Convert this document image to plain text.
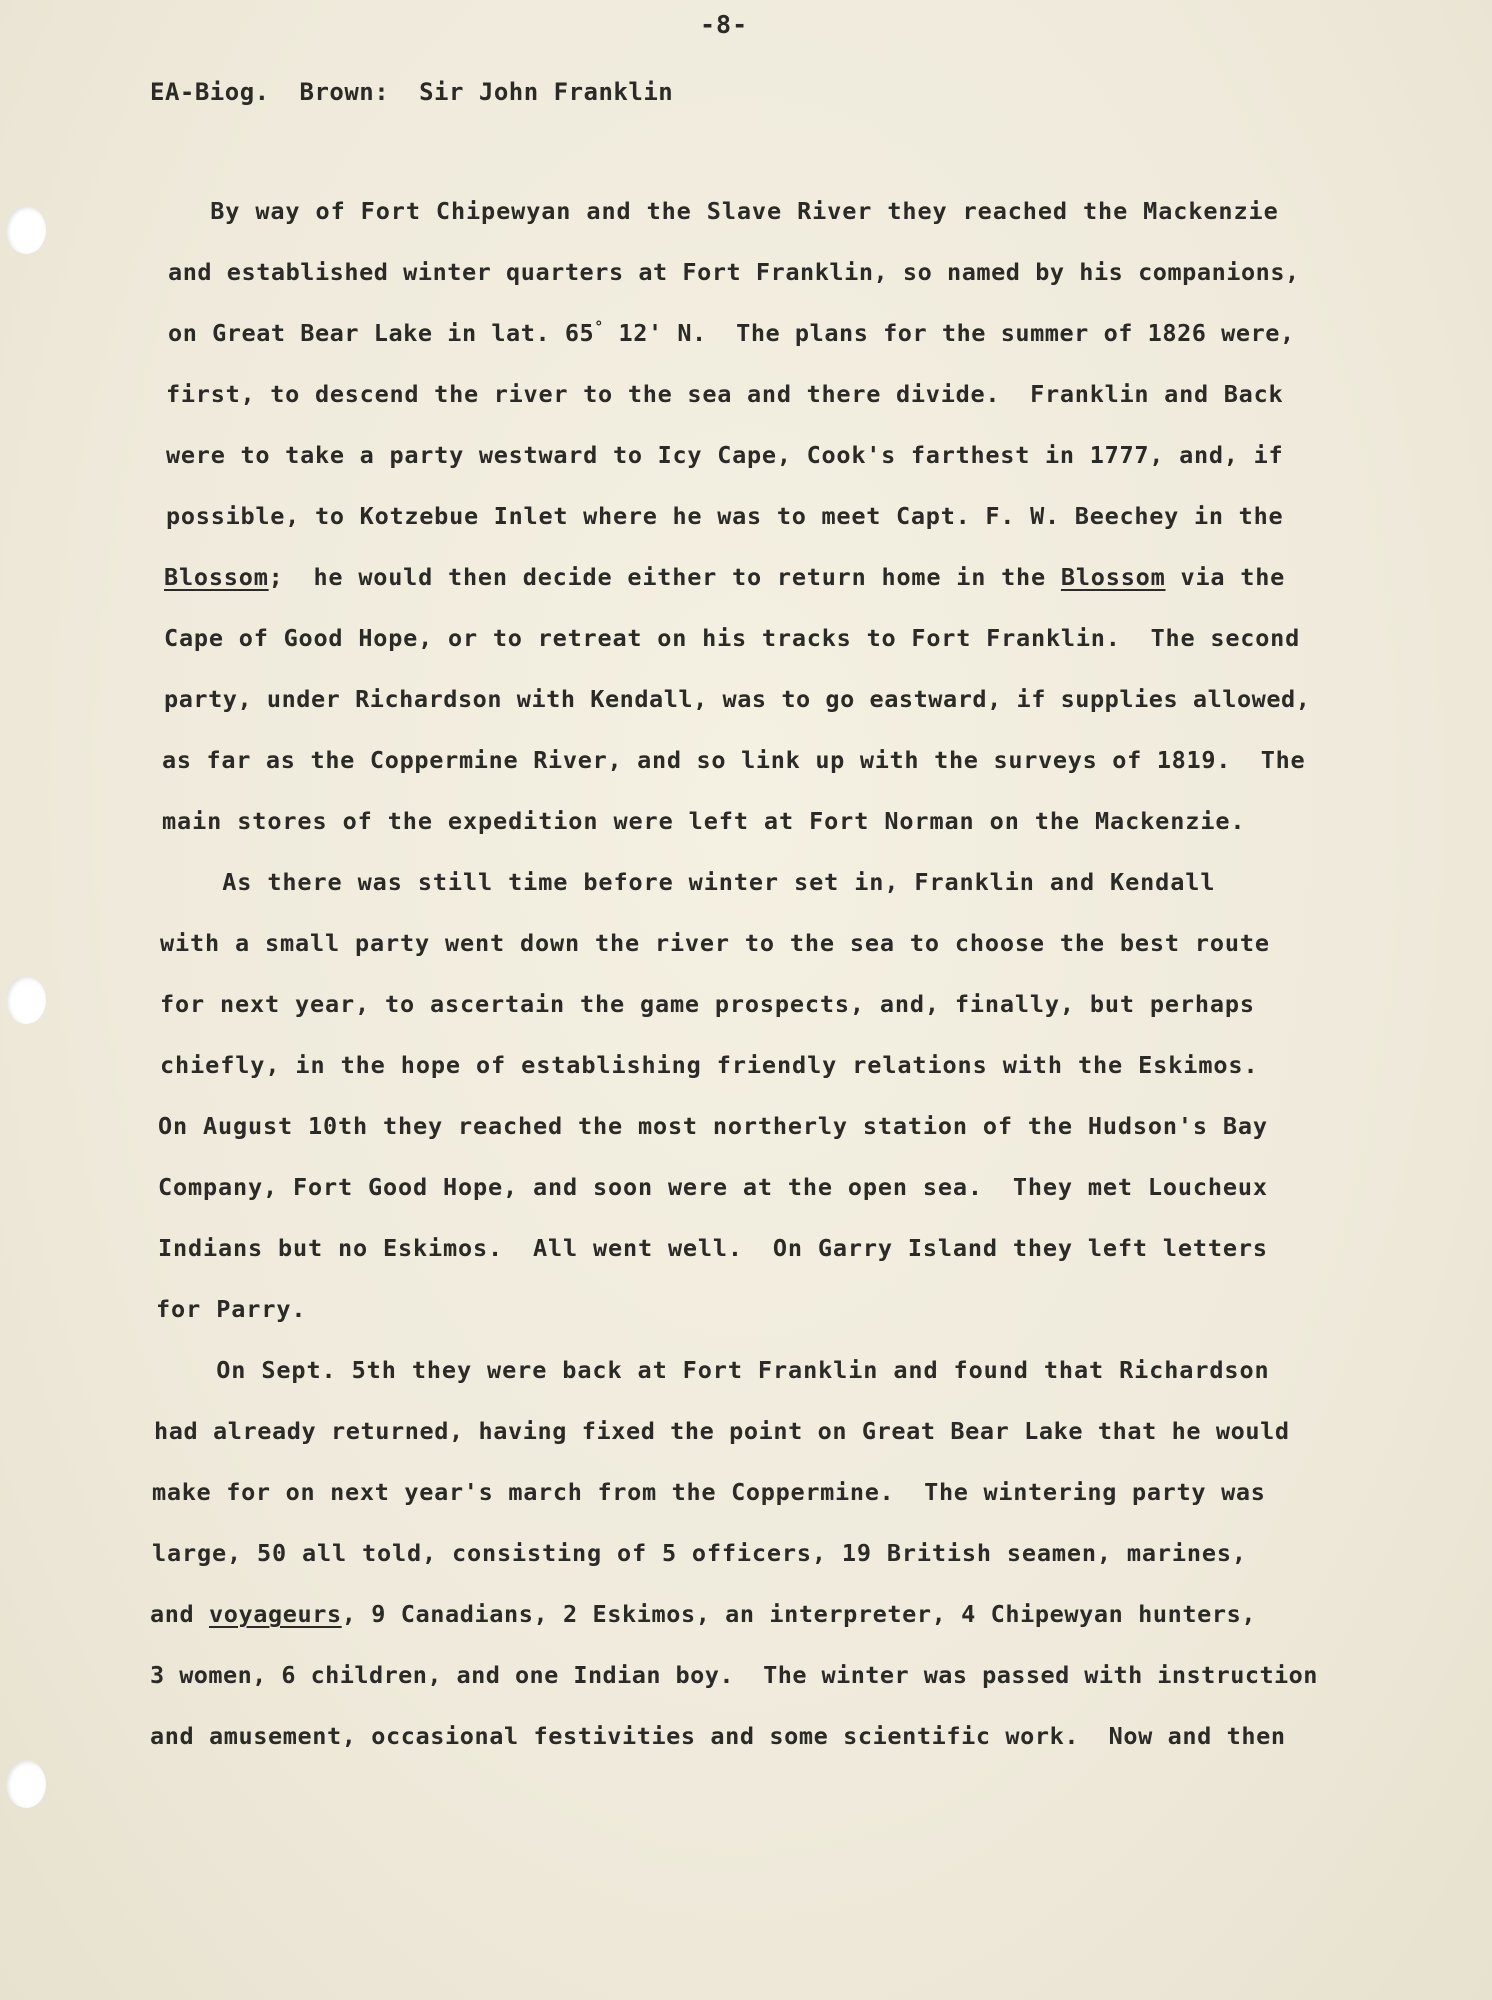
-8-
EA-Biog.  Brown:  Sir John Franklin
By way of Fort Chipewyan and the Slave River they reached the Mackenzie
and established winter quarters at Fort Franklin, so named by his companions,
on Great Bear Lake in lat. 65° 12' N.  The plans for the summer of 1826 were,
first, to descend the river to the sea and there divide.  Franklin and Back
were to take a party westward to Icy Cape, Cook's farthest in 1777, and, if
possible, to Kotzebue Inlet where he was to meet Capt. F. W. Beechey in the
Blossom;  he would then decide either to return home in the Blossom via the
Cape of Good Hope, or to retreat on his tracks to Fort Franklin.  The second
party, under Richardson with Kendall, was to go eastward, if supplies allowed,
as far as the Coppermine River, and so link up with the surveys of 1819.  The
main stores of the expedition were left at Fort Norman on the Mackenzie.
As there was still time before winter set in, Franklin and Kendall
with a small party went down the river to the sea to choose the best route
for next year, to ascertain the game prospects, and, finally, but perhaps
chiefly, in the hope of establishing friendly relations with the Eskimos.
On August 10th they reached the most northerly station of the Hudson's Bay
Company, Fort Good Hope, and soon were at the open sea.  They met Loucheux
Indians but no Eskimos.  All went well.  On Garry Island they left letters
for Parry.
On Sept. 5th they were back at Fort Franklin and found that Richardson
had already returned, having fixed the point on Great Bear Lake that he would
make for on next year's march from the Coppermine.  The wintering party was
large, 50 all told, consisting of 5 officers, 19 British seamen, marines,
and voyageurs, 9 Canadians, 2 Eskimos, an interpreter, 4 Chipewyan hunters,
3 women, 6 children, and one Indian boy.  The winter was passed with instruction
and amusement, occasional festivities and some scientific work.  Now and then
